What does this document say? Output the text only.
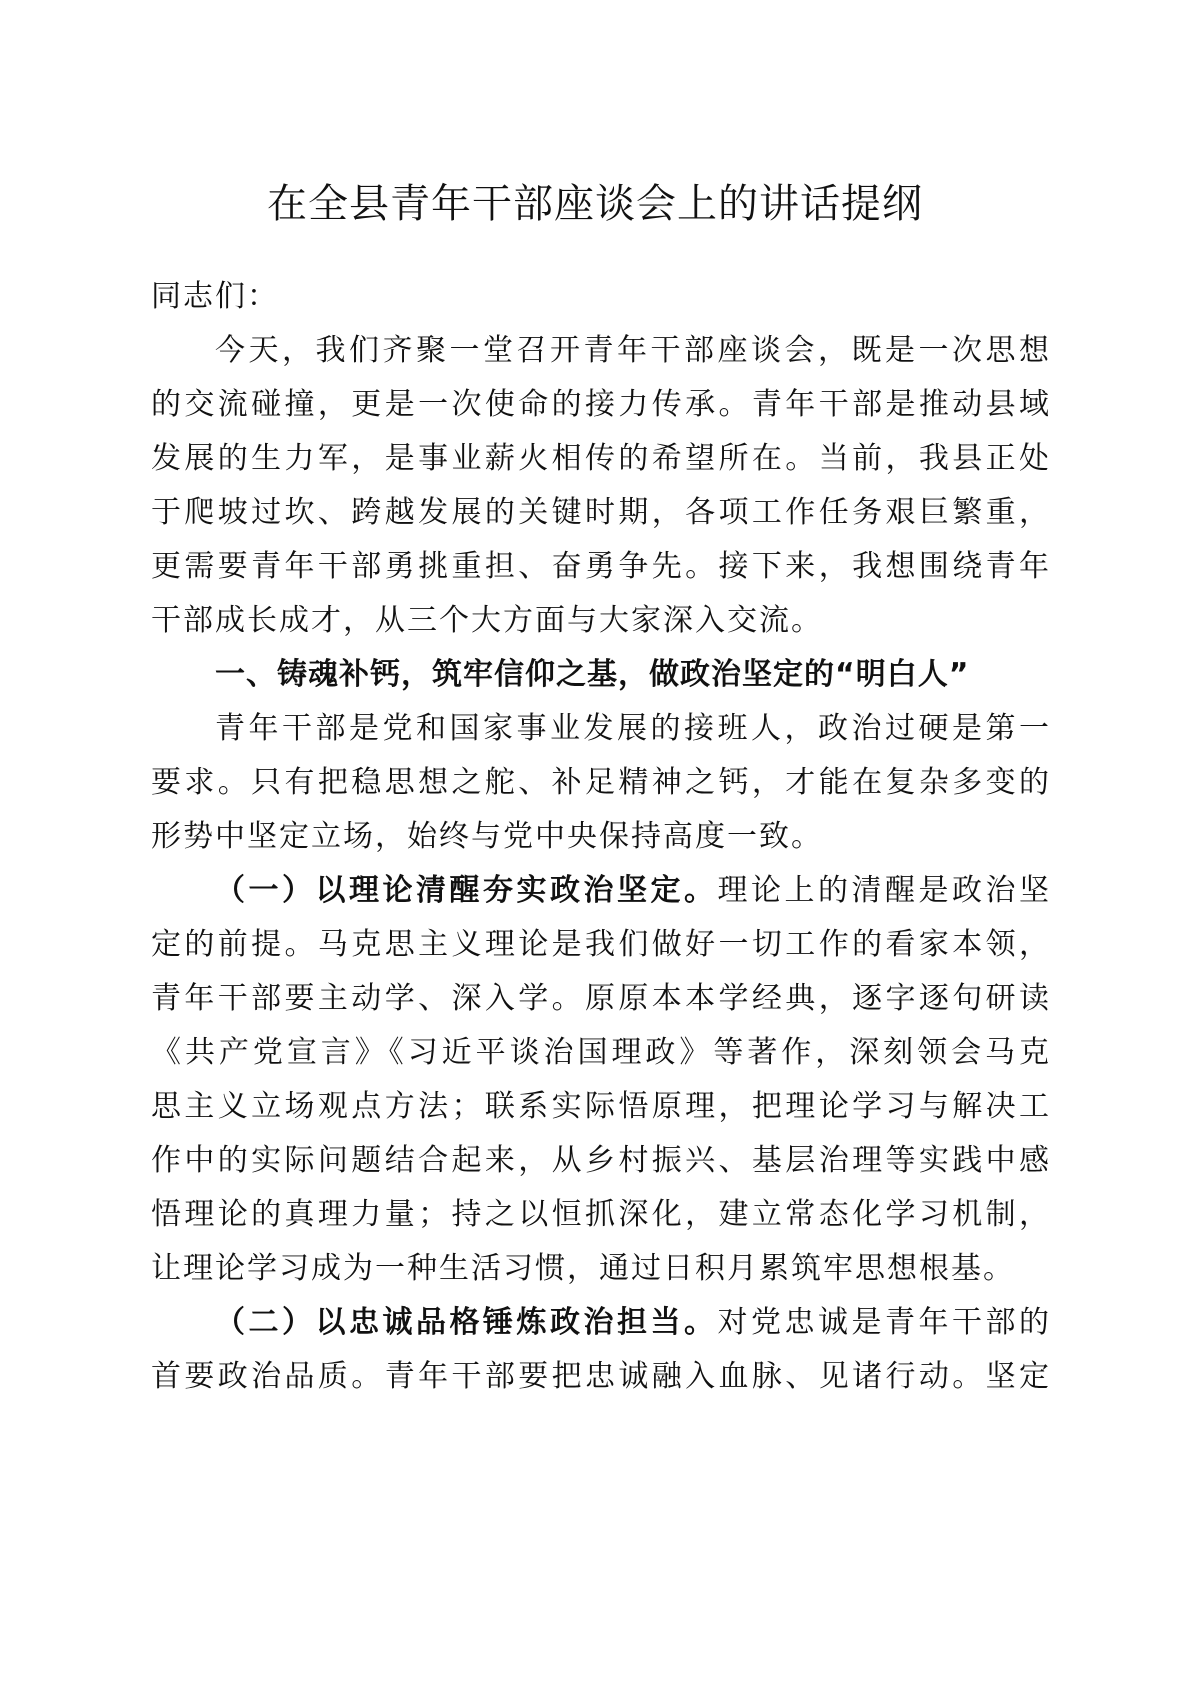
在全县青年干部座谈会上的讲话提纲
同志们：
今天，我们齐聚一堂召开青年干部座谈会，既是一次思想
的交流碰撞，更是一次使命的接力传承。青年干部是推动县域
发展的生力军，是事业薪火相传的希望所在。当前，我县正处
于爬坡过坎、跨越发展的关键时期，各项工作任务艰巨繁重，
更需要青年干部勇挑重担、奋勇争先。接下来，我想围绕青年
干部成长成才，从三个大方面与大家深入交流。
一、铸魂补钙，筑牢信仰之基，做政治坚定的“明白人”
青年干部是党和国家事业发展的接班人，政治过硬是第一
要求。只有把稳思想之舵、补足精神之钙，才能在复杂多变的
形势中坚定立场，始终与党中央保持高度一致。
（一）以理论清醒夯实政治坚定。理论上的清醒是政治坚
定的前提。马克思主义理论是我们做好一切工作的看家本领，
青年干部要主动学、深入学。原原本本学经典，逐字逐句研读
《共产党宣言》《习近平谈治国理政》等著作，深刻领会马克
思主义立场观点方法；联系实际悟原理，把理论学习与解决工
作中的实际问题结合起来，从乡村振兴、基层治理等实践中感
悟理论的真理力量；持之以恒抓深化，建立常态化学习机制，
让理论学习成为一种生活习惯，通过日积月累筑牢思想根基。
（二）以忠诚品格锤炼政治担当。对党忠诚是青年干部的
首要政治品质。青年干部要把忠诚融入血脉、见诸行动。坚定
